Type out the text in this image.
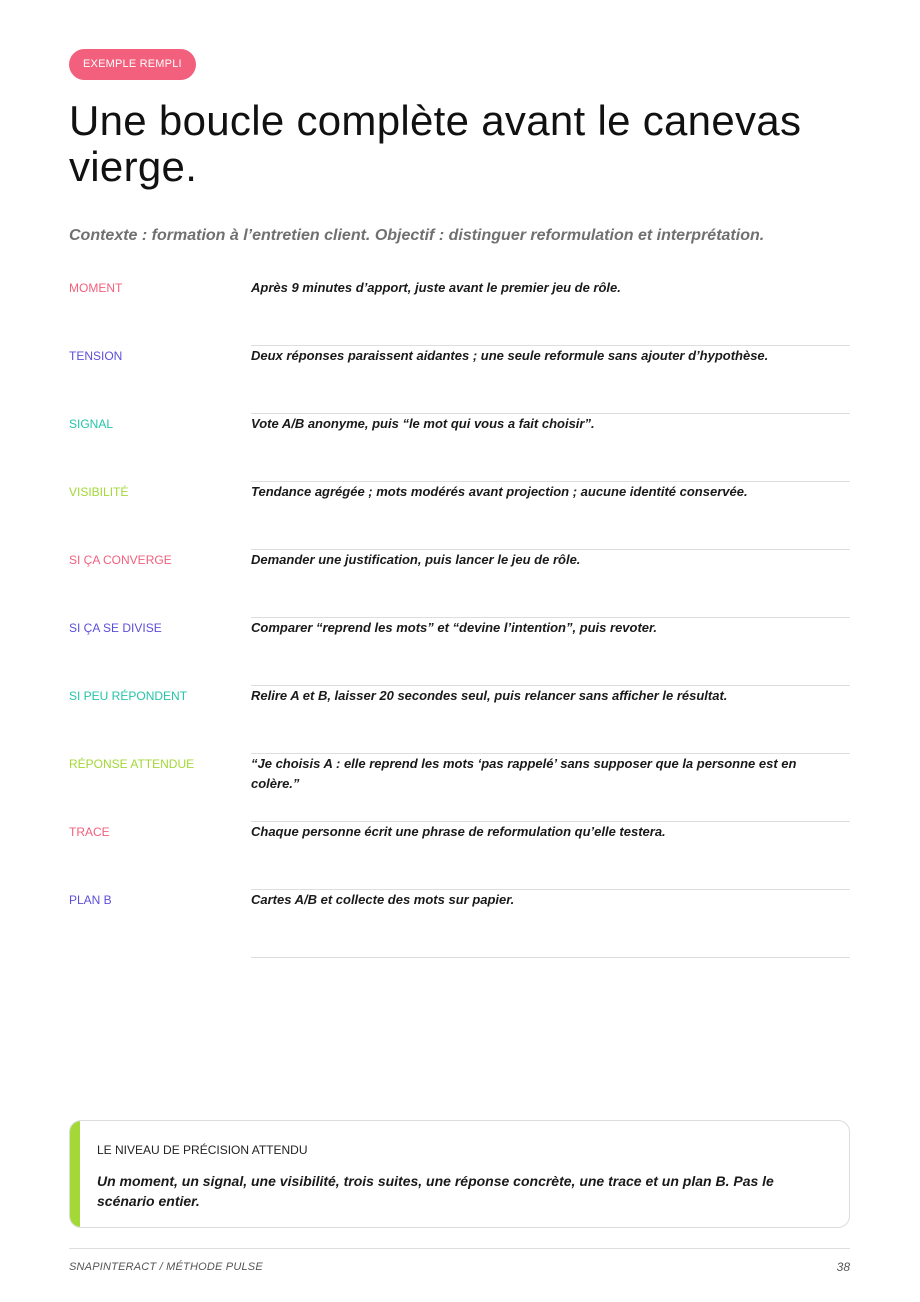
EXEMPLE REMPLI
Une boucle complète avant le canevas vierge.

Contexte : formation à l’entretien client. Objectif : distinguer reformulation et interprétation.

MOMENT	Après 9 minutes d’apport, juste avant le premier jeu de rôle.
TENSION	Deux réponses paraissent aidantes ; une seule reformule sans ajouter d’hypothèse.
SIGNAL	Vote A/B anonyme, puis “le mot qui vous a fait choisir”.
VISIBILITÉ	Tendance agrégée ; mots modérés avant projection ; aucune identité conservée.
SI ÇA CONVERGE	Demander une justification, puis lancer le jeu de rôle.
SI ÇA SE DIVISE	Comparer “reprend les mots” et “devine l’intention”, puis revoter.
SI PEU RÉPONDENT	Relire A et B, laisser 20 secondes seul, puis relancer sans afficher le résultat.
RÉPONSE ATTENDUE	“Je choisis A : elle reprend les mots ‘pas rappelé’ sans supposer que la personne est en colère.”
TRACE	Chaque personne écrit une phrase de reformulation qu’elle testera.
PLAN B	Cartes A/B et collecte des mots sur papier.
LE NIVEAU DE PRÉCISION ATTENDU
Un moment, un signal, une visibilité, trois suites, une réponse concrète, une trace et un plan B. Pas le scénario entier.
SNAPINTERACT / MÉTHODE PULSE	38
